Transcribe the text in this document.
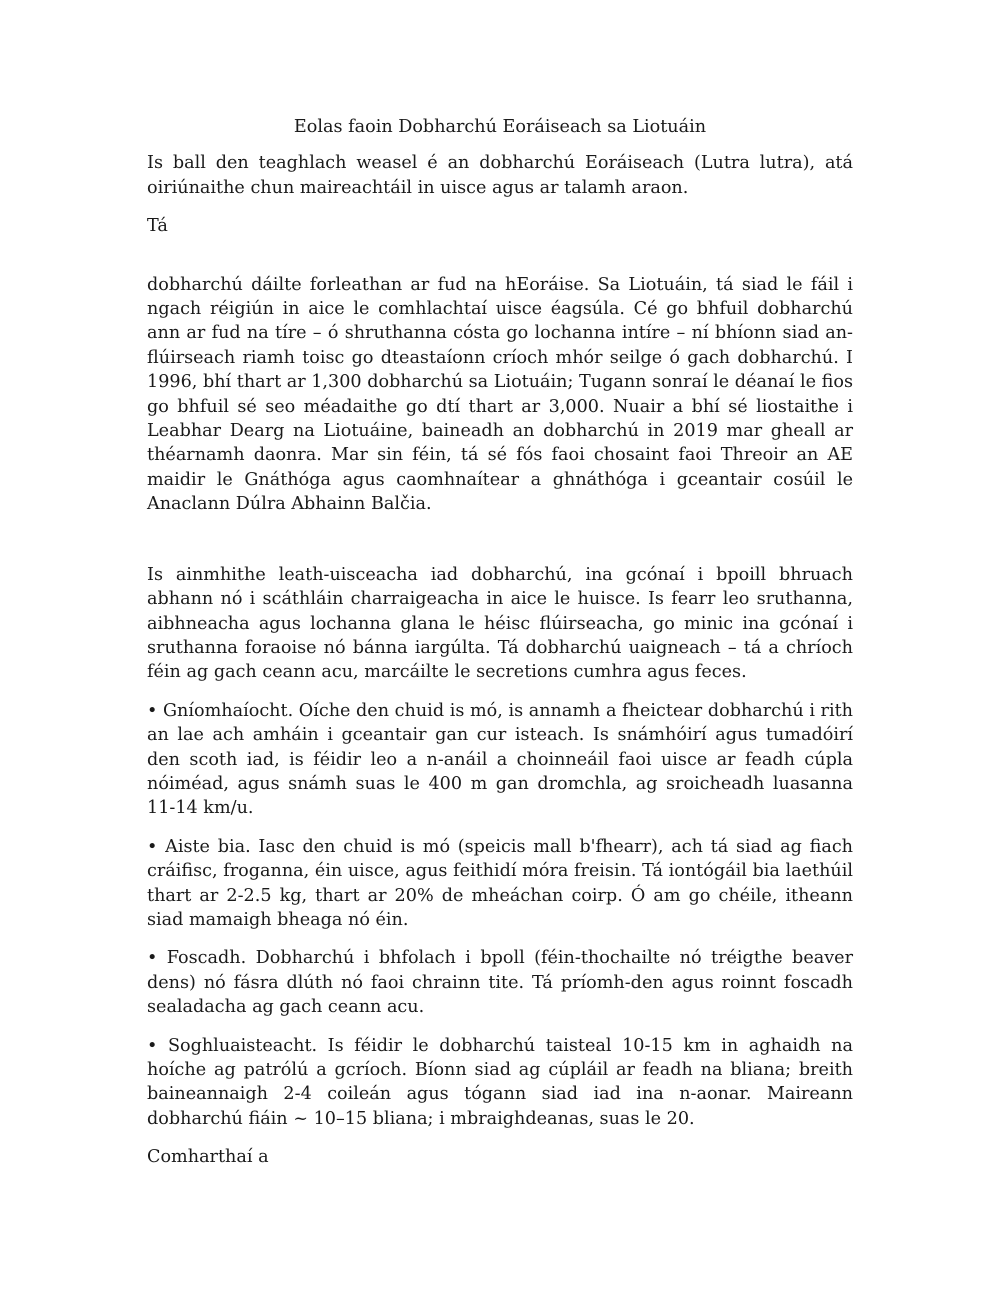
Eolas faoin Dobharchú Eoráiseach sa Liotuáin

Is ball den teaghlach weasel é an dobharchú Eoráiseach (Lutra lutra), atá oiriúnaithe chun maireachtáil in uisce agus ar talamh araon.

Tá

dobharchú dáilte forleathan ar fud na hEoráise. Sa Liotuáin, tá siad le fáil i ngach réigiún in aice le comhlachtaí uisce éagsúla. Cé go bhfuil dobharchú ann ar fud na tíre – ó shruthanna cósta go lochanna intíre – ní bhíonn siad an-flúirseach riamh toisc go dteastaíonn críoch mhór seilge ó gach dobharchú. I 1996, bhí thart ar 1,300 dobharchú sa Liotuáin; Tugann sonraí le déanaí le fios go bhfuil sé seo méadaithe go dtí thart ar 3,000. Nuair a bhí sé liostaithe i Leabhar Dearg na Liotuáine, baineadh an dobharchú in 2019 mar gheall ar théarnamh daonra. Mar sin féin, tá sé fós faoi chosaint faoi Threoir an AE maidir le Gnáthóga agus caomhnaítear a ghnáthóga i gceantair cosúil le Anaclann Dúlra Abhainn Balčia.

Is ainmhithe leath-uisceacha iad dobharchú, ina gcónaí i bpoill bhruach abhann nó i scáthláin charraigeacha in aice le huisce. Is fearr leo sruthanna, aibhneacha agus lochanna glana le héisc flúirseacha, go minic ina gcónaí i sruthanna foraoise nó bánna iargúlta. Tá dobharchú uaigneach – tá a chríoch féin ag gach ceann acu, marcáilte le secretions cumhra agus feces.

• Gníomhaíocht. Oíche den chuid is mó, is annamh a fheictear dobharchú i rith an lae ach amháin i gceantair gan cur isteach. Is snámhóirí agus tumadóirí den scoth iad, is féidir leo a n-anáil a choinneáil faoi uisce ar feadh cúpla nóiméad, agus snámh suas le 400 m gan dromchla, ag sroicheadh luasanna 11-14 km/u.

• Aiste bia. Iasc den chuid is mó (speicis mall b'fhearr), ach tá siad ag fiach cráifisc, froganna, éin uisce, agus feithidí móra freisin. Tá iontógáil bia laethúil thart ar 2-2.5 kg, thart ar 20% de mheáchan coirp. Ó am go chéile, itheann siad mamaigh bheaga nó éin.

• Foscadh. Dobharchú i bhfolach i bpoll (féin-thochailte nó tréigthe beaver dens) nó fásra dlúth nó faoi chrainn tite. Tá príomh-den agus roinnt foscadh sealadacha ag gach ceann acu.

• Soghluaisteacht. Is féidir le dobharchú taisteal 10-15 km in aghaidh na hoíche ag patrólú a gcríoch. Bíonn siad ag cúpláil ar feadh na bliana; breith baineannaigh 2-4 coileán agus tógann siad iad ina n-aonar. Maireann dobharchú fiáin ~ 10–15 bliana; i mbraighdeanas, suas le 20.

Comharthaí a
